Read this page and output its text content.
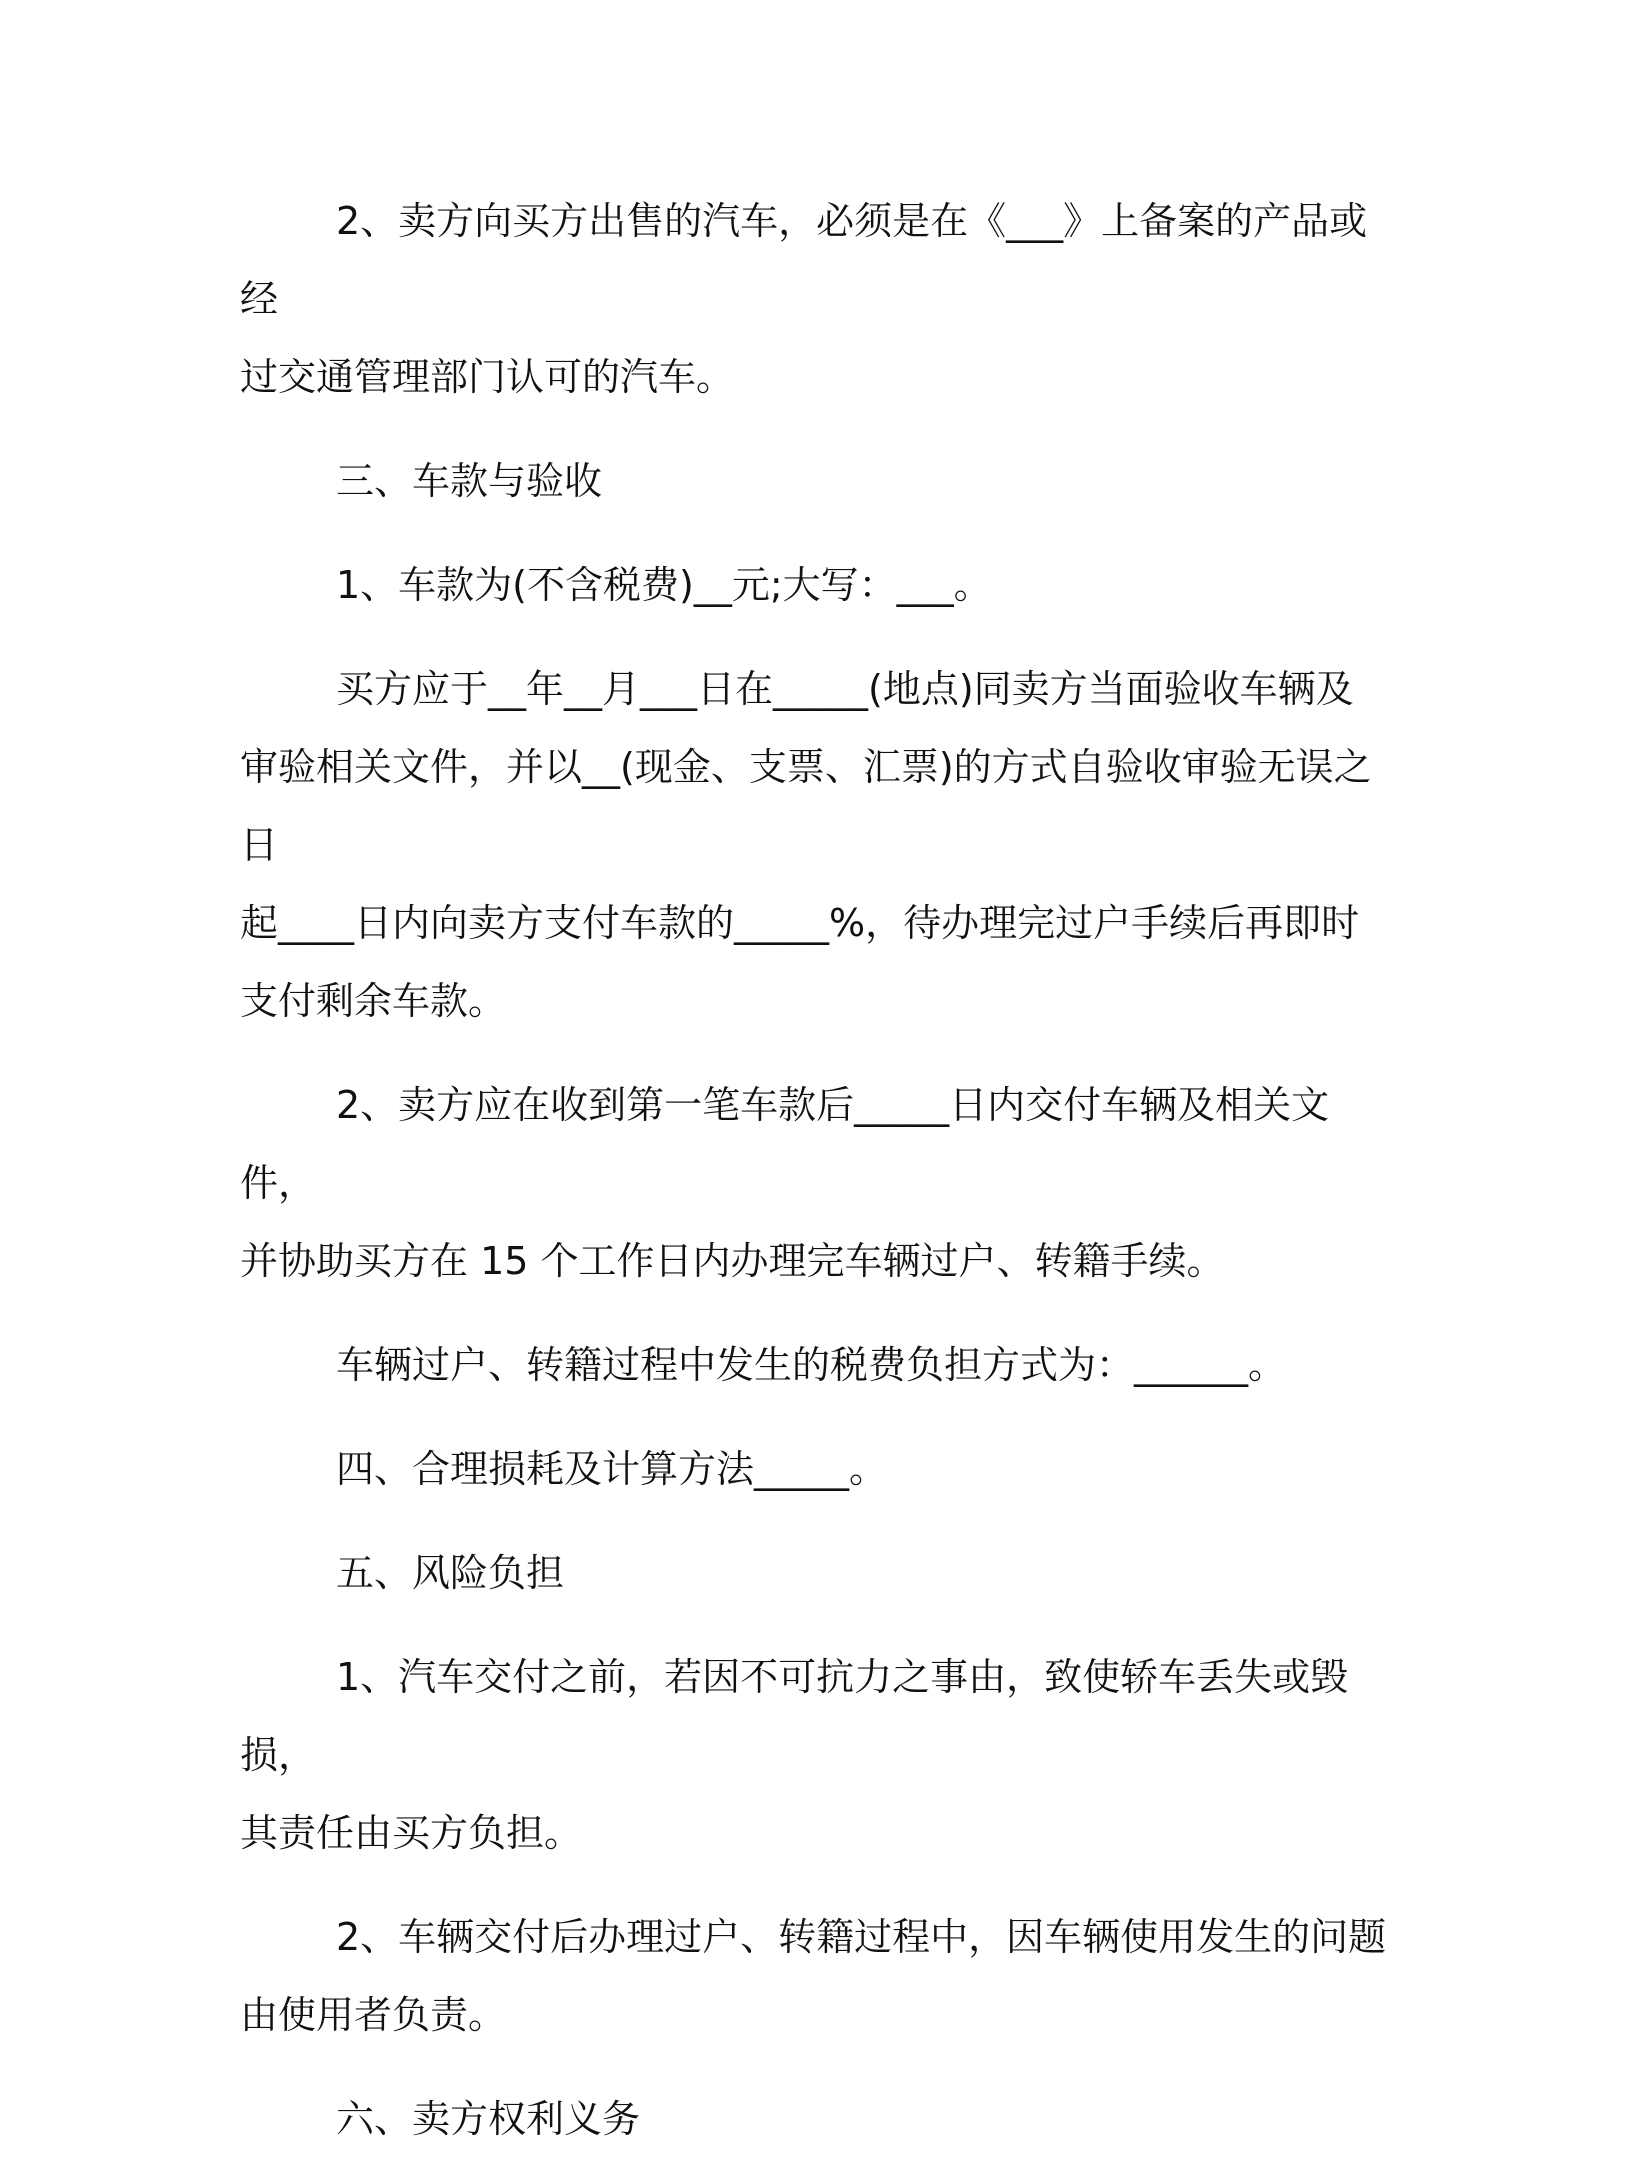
2、卖方向买方出售的汽车，必须是在《___》上备案的产品或经
过交通管理部门认可的汽车。

三、车款与验收

1、车款为(不含税费)__元;大写：___。

买方应于__年__月___日在_____(地点)同卖方当面验收车辆及
审验相关文件，并以__(现金、支票、汇票)的方式自验收审验无误之日
起____日内向卖方支付车款的_____%，待办理完过户手续后再即时
支付剩余车款。

2、卖方应在收到第一笔车款后_____日内交付车辆及相关文件，
并协助买方在 15 个工作日内办理完车辆过户、转籍手续。

车辆过户、转籍过程中发生的税费负担方式为：______。

四、合理损耗及计算方法_____。

五、风险负担

1、汽车交付之前，若因不可抗力之事由，致使轿车丢失或毁损，
其责任由买方负担。

2、车辆交付后办理过户、转籍过程中，因车辆使用发生的问题
由使用者负责。

六、卖方权利义务
